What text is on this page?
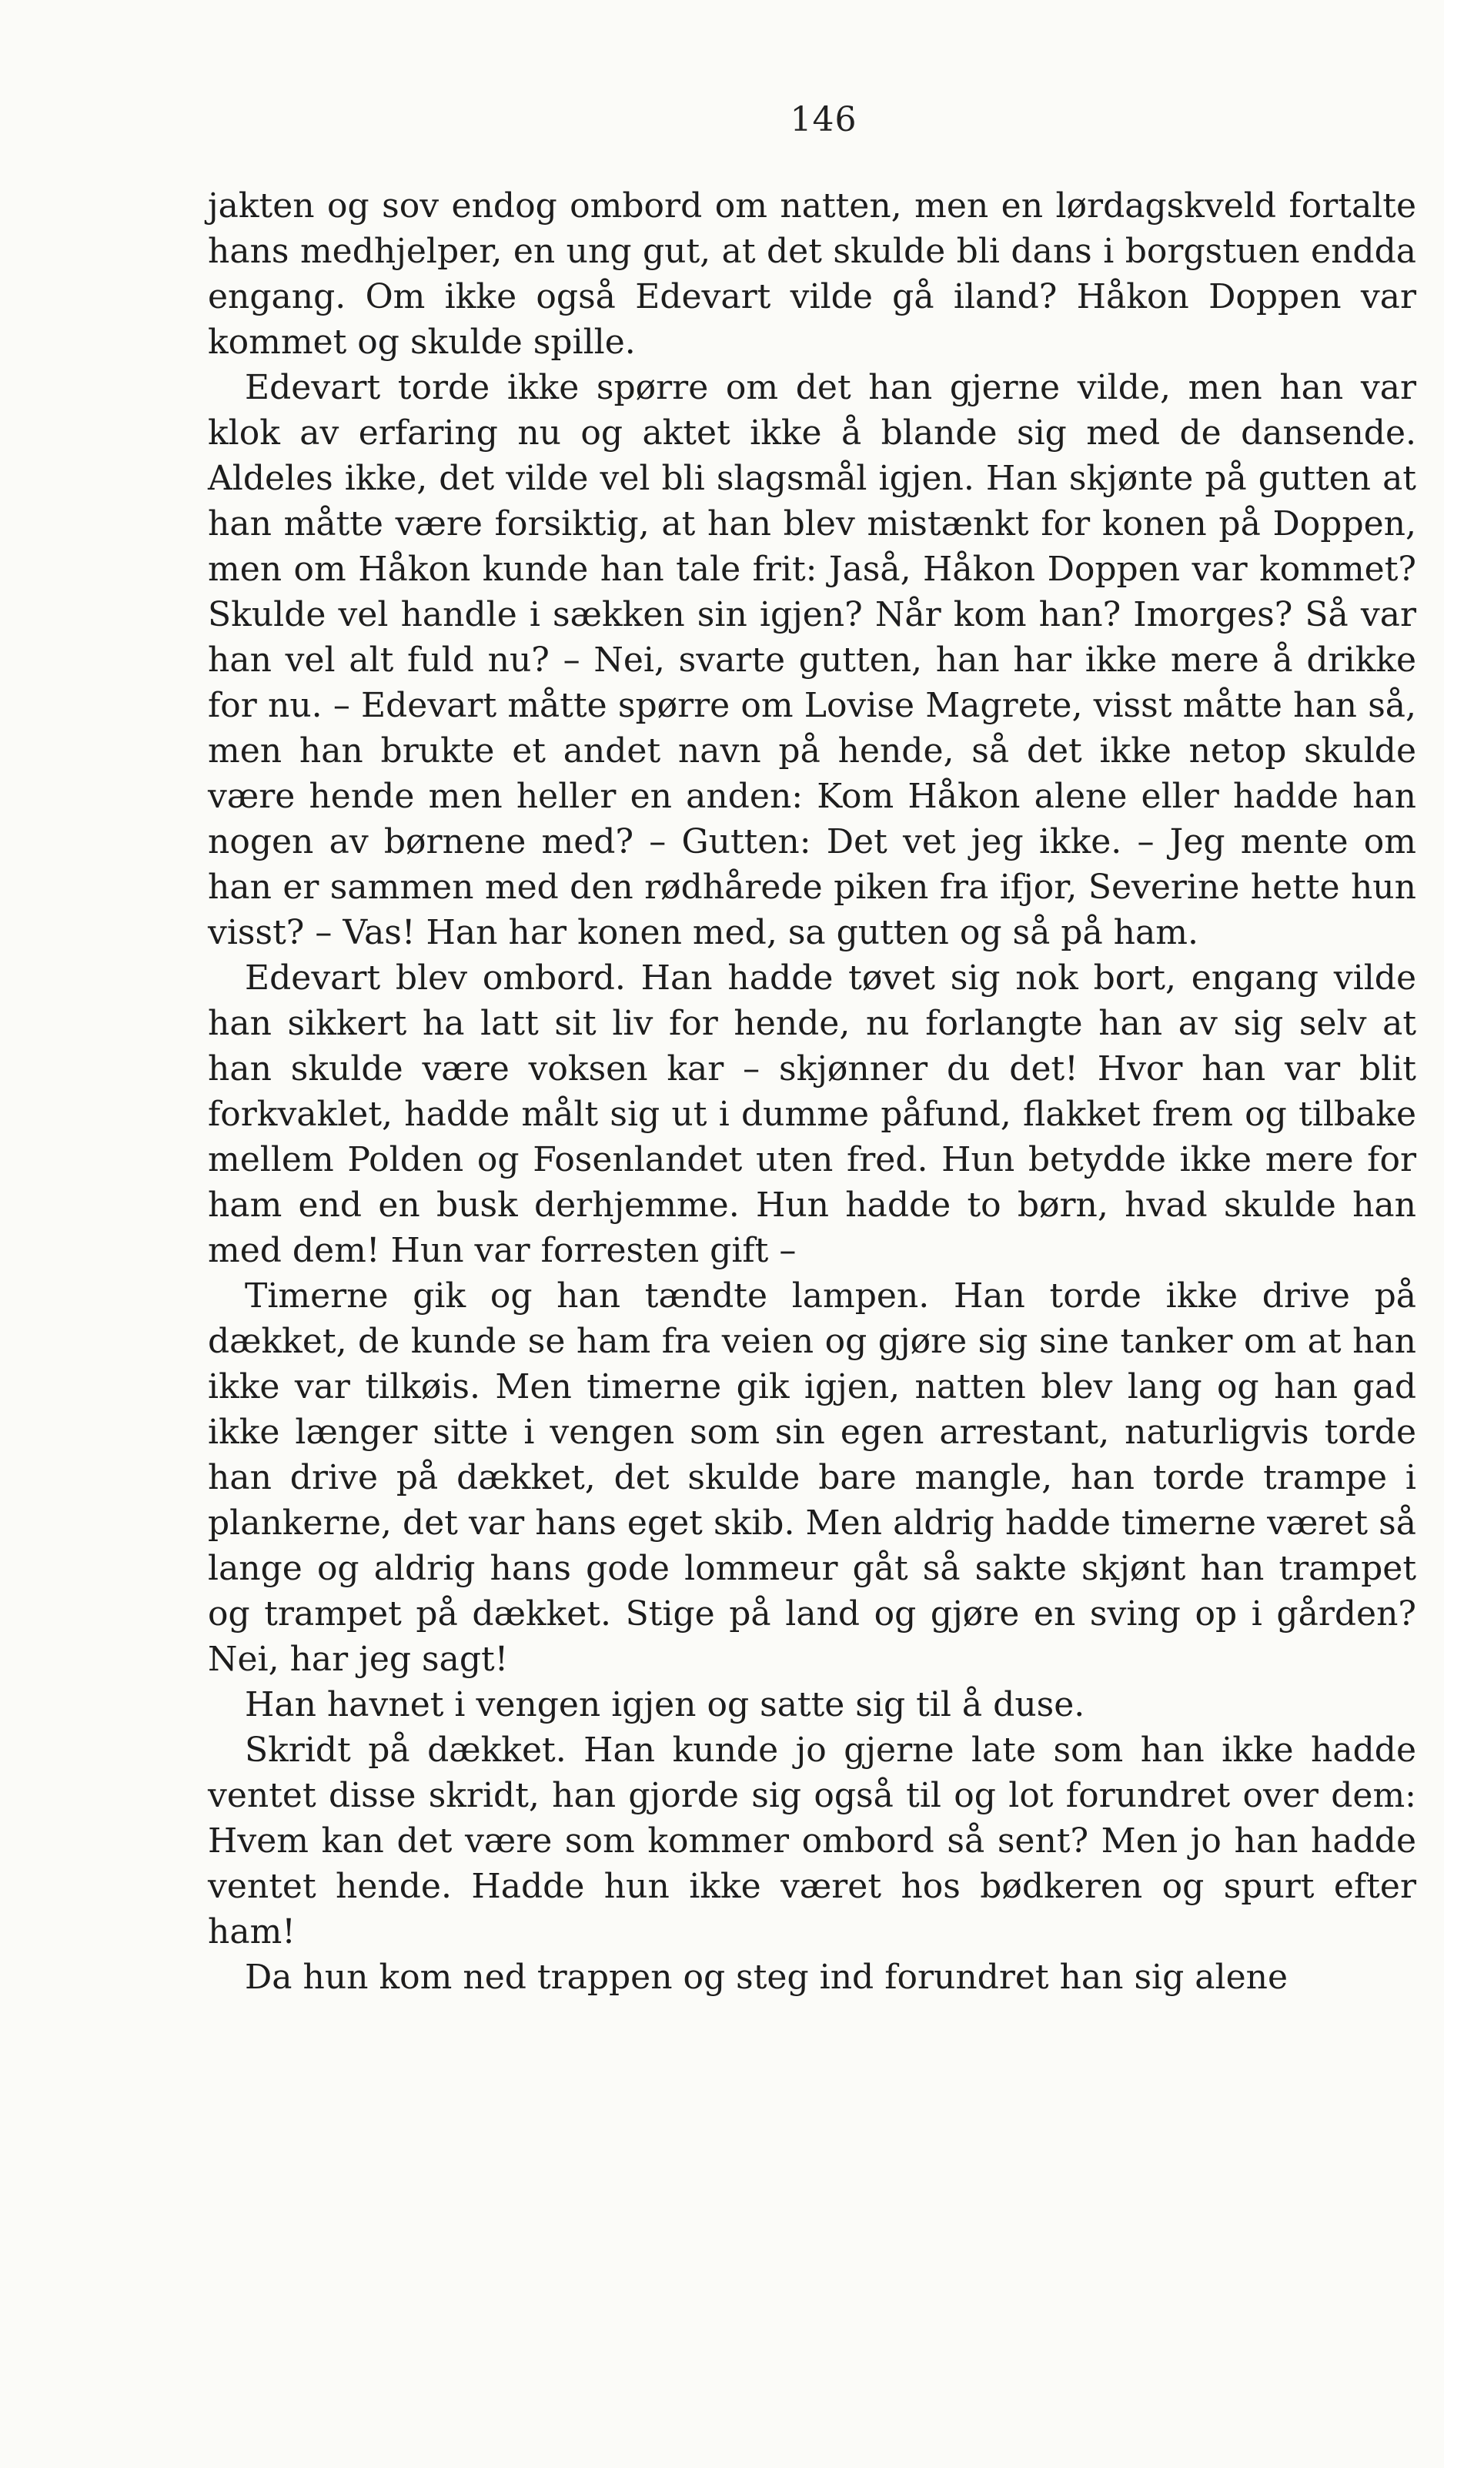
146

jakten og sov endog ombord om natten, men en lørdagskveld fortalte hans medhjelper, en ung gut, at det skulde bli dans i borgstuen endda engang. Om ikke også Edevart vilde gå iland? Håkon Doppen var kommet og skulde spille.

Edevart torde ikke spørre om det han gjerne vilde, men han var klok av erfaring nu og aktet ikke å blande sig med de dansende. Aldeles ikke, det vilde vel bli slagsmål igjen. Han skjønte på gutten at han måtte være forsiktig, at han blev mistænkt for konen på Doppen, men om Håkon kunde han tale frit: Jaså, Håkon Doppen var kommet? Skulde vel handle i sækken sin igjen? Når kom han? Imorges? Så var han vel alt fuld nu? – Nei, svarte gutten, han har ikke mere å drikke for nu. – Edevart måtte spørre om Lovise Magrete, visst måtte han så, men han brukte et andet navn på hende, så det ikke netop skulde være hende men heller en anden: Kom Håkon alene eller hadde han nogen av børnene med? – Gutten: Det vet jeg ikke. – Jeg mente om han er sammen med den rødhårede piken fra ifjor, Severine hette hun visst? – Vas! Han har konen med, sa gutten og så på ham.

Edevart blev ombord. Han hadde tøvet sig nok bort, engang vilde han sikkert ha latt sit liv for hende, nu forlangte han av sig selv at han skulde være voksen kar – skjønner du det! Hvor han var blit forkvaklet, hadde målt sig ut i dumme påfund, flakket frem og tilbake mellem Polden og Fosenlandet uten fred. Hun betydde ikke mere for ham end en busk derhjemme. Hun hadde to børn, hvad skulde han med dem! Hun var forresten gift –

Timerne gik og han tændte lampen. Han torde ikke drive på dækket, de kunde se ham fra veien og gjøre sig sine tanker om at han ikke var tilkøis. Men timerne gik igjen, natten blev lang og han gad ikke længer sitte i vengen som sin egen arrestant, naturligvis torde han drive på dækket, det skulde bare mangle, han torde trampe i plankerne, det var hans eget skib. Men aldrig hadde timerne været så lange og aldrig hans gode lommeur gåt så sakte skjønt han trampet og trampet på dækket. Stige på land og gjøre en sving op i gården? Nei, har jeg sagt!

Han havnet i vengen igjen og satte sig til å duse.

Skridt på dækket. Han kunde jo gjerne late som han ikke hadde ventet disse skridt, han gjorde sig også til og lot forundret over dem: Hvem kan det være som kommer ombord så sent? Men jo han hadde ventet hende. Hadde hun ikke været hos bødkeren og spurt efter ham!

Da hun kom ned trappen og steg ind forundret han sig alene
